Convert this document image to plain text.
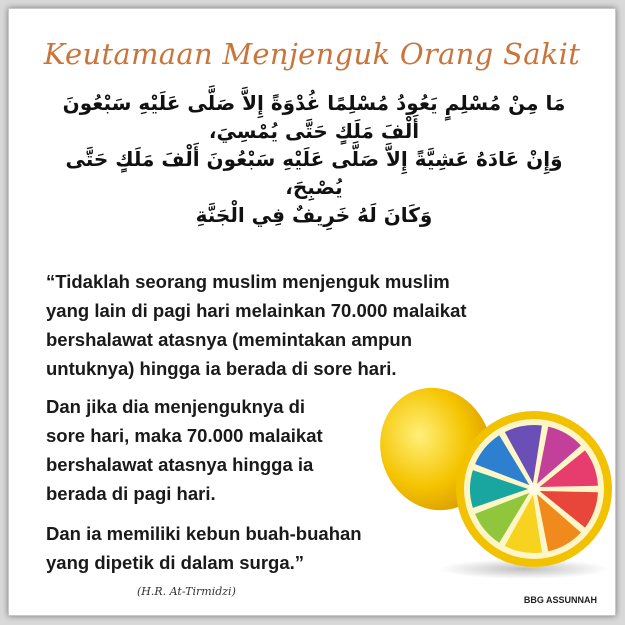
Keutamaan Menjenguk Orang Sakit
مَا مِنْ مُسْلِمٍ يَعُودُ مُسْلِمًا غُدْوَةً إِلاَّ صَلَّى عَلَيْهِ سَبْعُونَ
أَلْفَ مَلَكٍ حَتَّى يُمْسِيَ،
وَإِنْ عَادَهُ عَشِيَّةً إِلاَّ صَلَّى عَلَيْهِ سَبْعُونَ أَلْفَ مَلَكٍ حَتَّى
يُصْبِحَ،
وَكَانَ لَهُ خَرِيفٌ فِي الْجَنَّةِ
“Tidaklah seorang muslim menjenguk muslim
yang lain di pagi hari melainkan 70.000 malaikat
bershalawat atasnya (memintakan ampun
untuknya) hingga ia berada di sore hari.
Dan jika dia menjenguknya di
sore hari, maka 70.000 malaikat
bershalawat atasnya hingga ia
berada di pagi hari.
Dan ia memiliki kebun buah-buahan
yang dipetik di dalam surga.”
(H.R. At-Tirmidzi)
BBG ASSUNNAH
